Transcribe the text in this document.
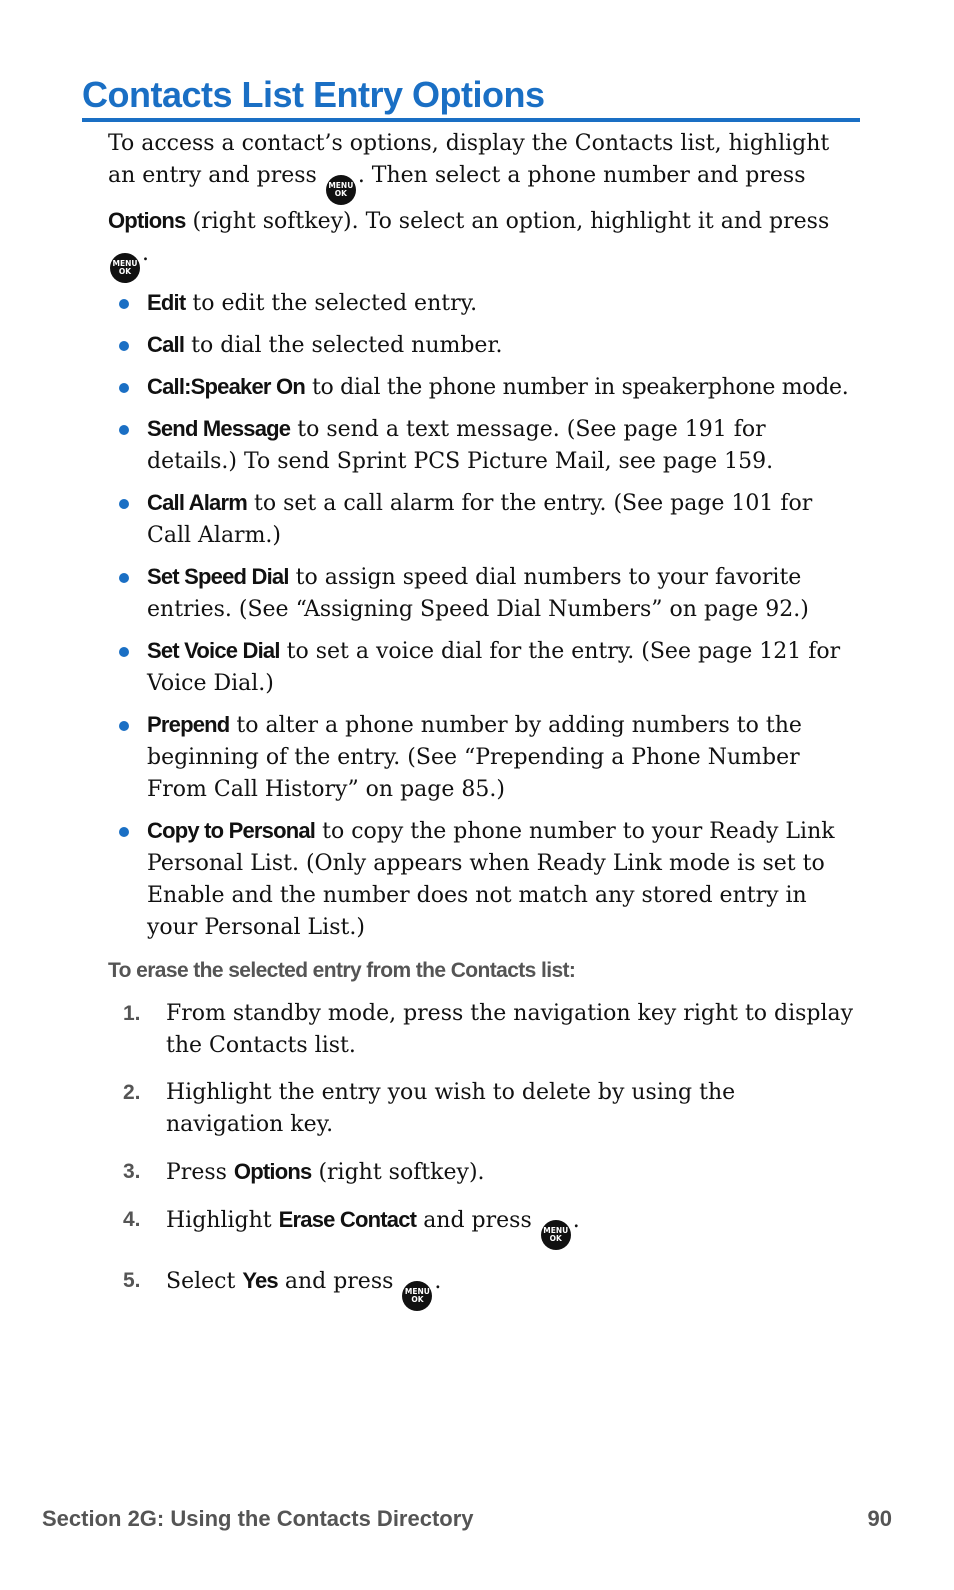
Contacts List Entry Options

To access a contact’s options, display the Contacts list, highlight an entry and press MENU
OK
. Then select a phone number and press Options (right softkey). To select an option, highlight it and press
MENU
OK
.

Edit to edit the selected entry.
Call to dial the selected number.
Call:Speaker On to dial the phone number in speakerphone mode.
Send Message to send a text message. (See page 191 for details.) To send Sprint PCS Picture Mail, see page 159.
Call Alarm to set a call alarm for the entry. (See page 101 for Call Alarm.)
Set Speed Dial to assign speed dial numbers to your favorite entries. (See “Assigning Speed Dial Numbers” on page 92.)
Set Voice Dial to set a voice dial for the entry. (See page 121 for Voice Dial.)
Prepend to alter a phone number by adding numbers to the beginning of the entry. (See “Prepending a Phone Number From Call History” on page 85.)
Copy to Personal to copy the phone number to your Ready Link Personal List. (Only appears when Ready Link mode is set to Enable and the number does not match any stored entry in your Personal List.)
To erase the selected entry from the Contacts list:
1. From standby mode, press the navigation key right to display the Contacts list.
2. Highlight the entry you wish to delete by using the navigation key.
3. Press Options (right softkey).
4. Highlight Erase Contact and press MENU
OK
.
5. Select Yes and press MENU
OK
.
Section 2G: Using the Contacts Directory	90
